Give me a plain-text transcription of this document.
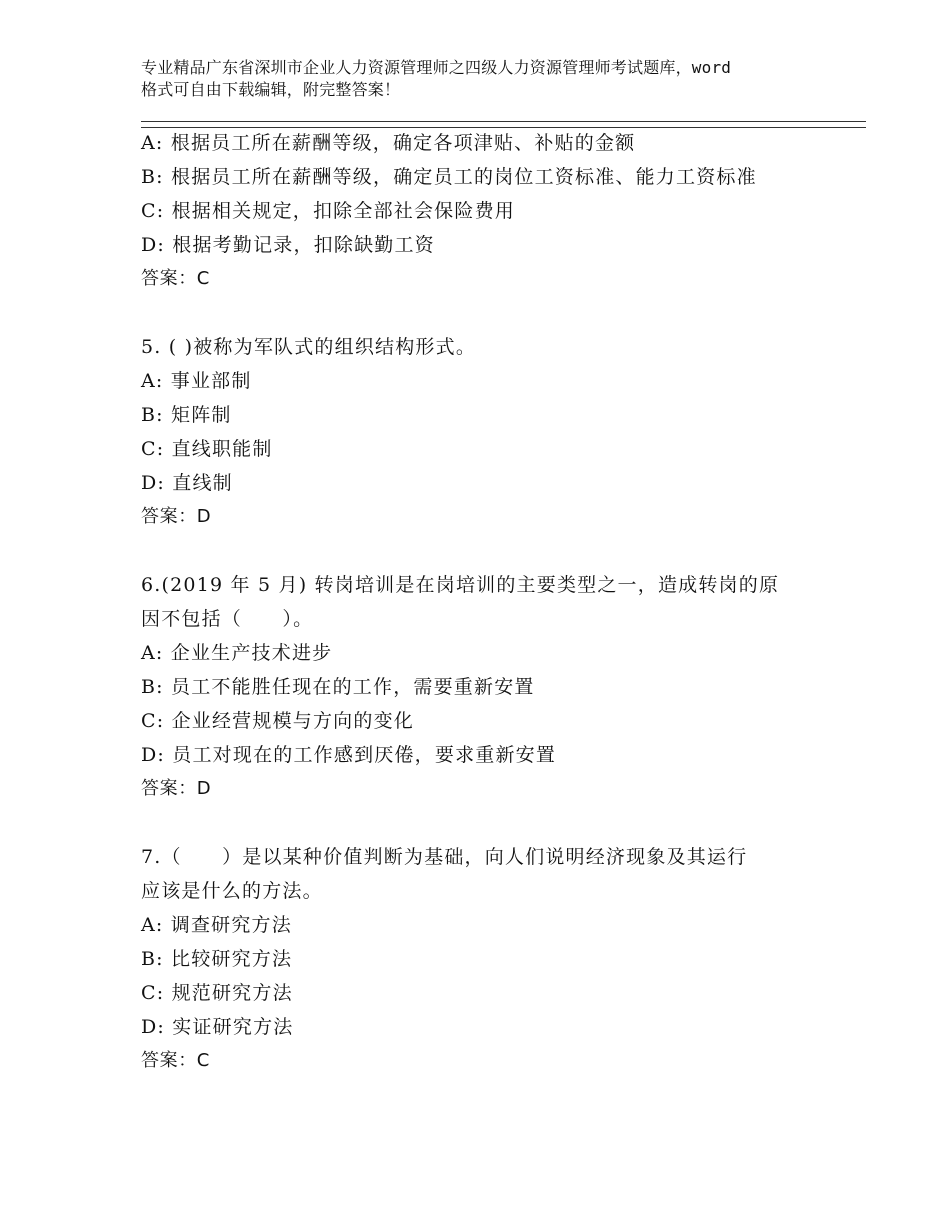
专业精品广东省深圳市企业人力资源管理师之四级人力资源管理师考试题库，word
格式可自由下载编辑，附完整答案！
A: 根据员工所在薪酬等级，确定各项津贴、补贴的金额
B: 根据员工所在薪酬等级，确定员工的岗位工资标准、能力工资标准
C: 根据相关规定，扣除全部社会保险费用
D: 根据考勤记录，扣除缺勤工资
答案：C
5. ( )被称为军队式的组织结构形式。
A: 事业部制
B: 矩阵制
C: 直线职能制
D: 直线制
答案：D
6.(2019 年 5 月) 转岗培训是在岗培训的主要类型之一，造成转岗的原
因不包括（　　）。
A: 企业生产技术进步
B: 员工不能胜任现在的工作，需要重新安置
C: 企业经营规模与方向的变化
D: 员工对现在的工作感到厌倦，要求重新安置
答案：D
7.（　　）是以某种价值判断为基础，向人们说明经济现象及其运行
应该是什么的方法。
A: 调查研究方法
B: 比较研究方法
C: 规范研究方法
D: 实证研究方法
答案：C
